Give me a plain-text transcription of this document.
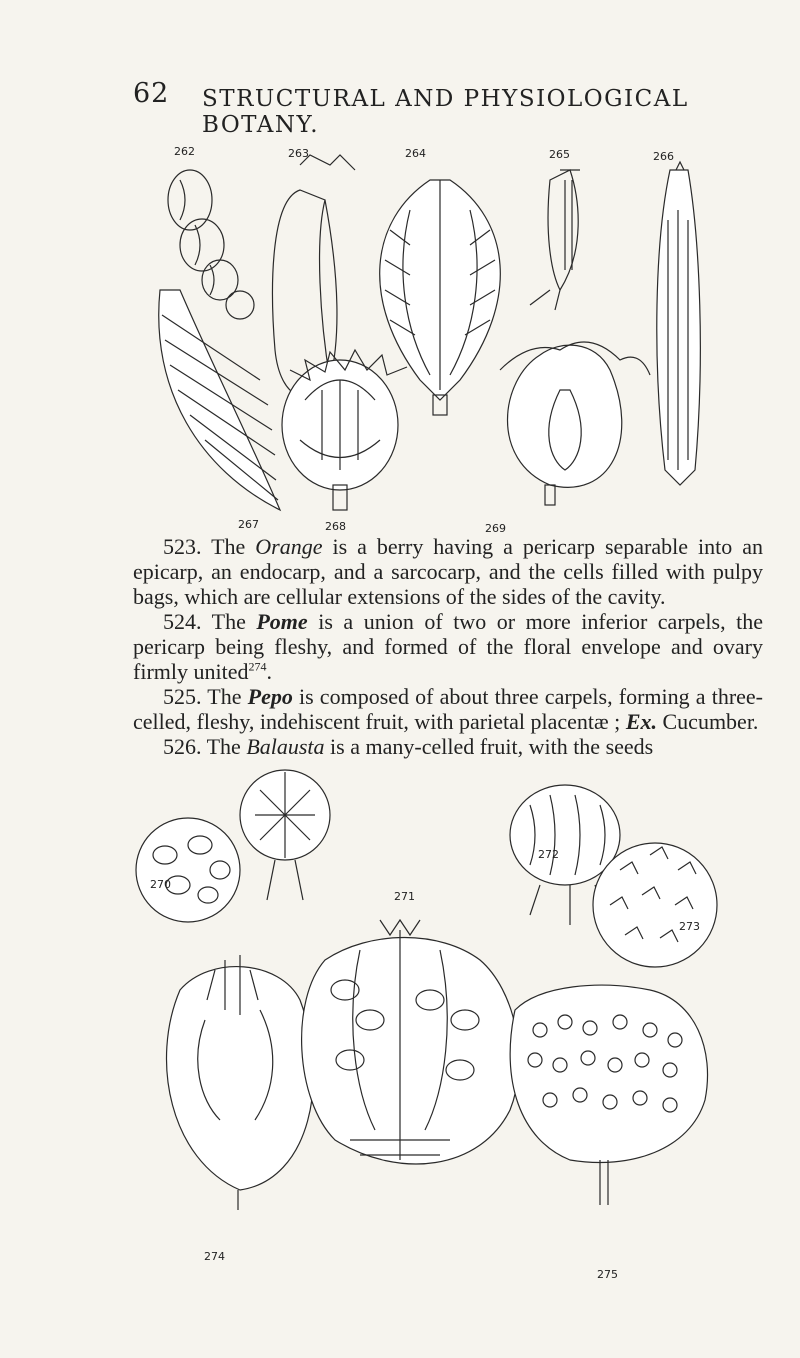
62 STRUCTURAL AND PHYSIOLOGICAL BOTANY.
262	263	264	265	266
267	268	269

523. The Orange is a berry having a pericarp separable into an epicarp, an endocarp, and a sarcocarp, and the cells filled with pulpy bags, which are cellular extensions of the sides of the cavity.

524. The Pome is a union of two or more inferior carpels, the pericarp being fleshy, and formed of the floral envelope and ovary firmly united$^{274}$.

525. The Pepo is composed of about three carpels, forming a three-celled, fleshy, indehiscent fruit, with parietal placentæ ; Ex. Cucumber.

526. The Balausta is a many-celled fruit, with the seeds

270
271
272
273
274
275
